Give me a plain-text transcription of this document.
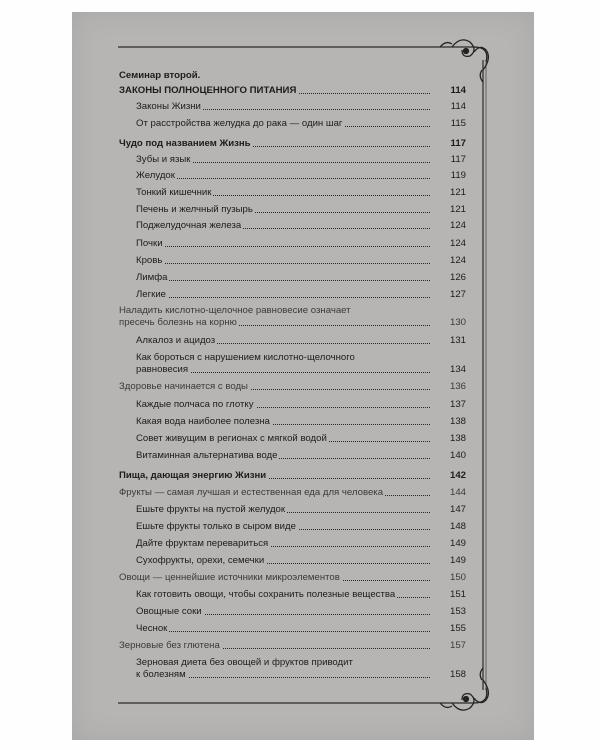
Семинар второй.
ЗАКОНЫ ПОЛНОЦЕННОГО ПИТАНИЯ	114
Законы Жизни	114
От расстройства желудка до рака — один шаг	115
Чудо под названием Жизнь	117
Зубы и язык	117
Желудок	119
Тонкий кишечник	121
Печень и желчный пузырь	121
Поджелудочная железа	124
Почки	124
Кровь	124
Лимфа	126
Легкие	127
Наладить кислотно-щелочное равновесие означает
пресечь болезнь на корню	130
Алкалоз и ацидоз	131
Как бороться с нарушением кислотно-щелочного
равновесия	134
Здоровье начинается с воды	136
Каждые полчаса по глотку	137
Какая вода наиболее полезна	138
Совет живущим в регионах с мягкой водой	138
Витаминная альтернатива воде	140
Пища, дающая энергию Жизни	142
Фрукты — самая лучшая и естественная еда для человека	144
Ешьте фрукты на пустой желудок	147
Ешьте фрукты только в сыром виде	148
Дайте фруктам перевариться	149
Сухофрукты, орехи, семечки	149
Овощи — ценнейшие источники микроэлементов	150
Как готовить овощи, чтобы сохранить полезные вещества	151
Овощные соки	153
Чеснок	155
Зерновые без глютена	157
Зерновая диета без овощей и фруктов приводит
к болезням	158
